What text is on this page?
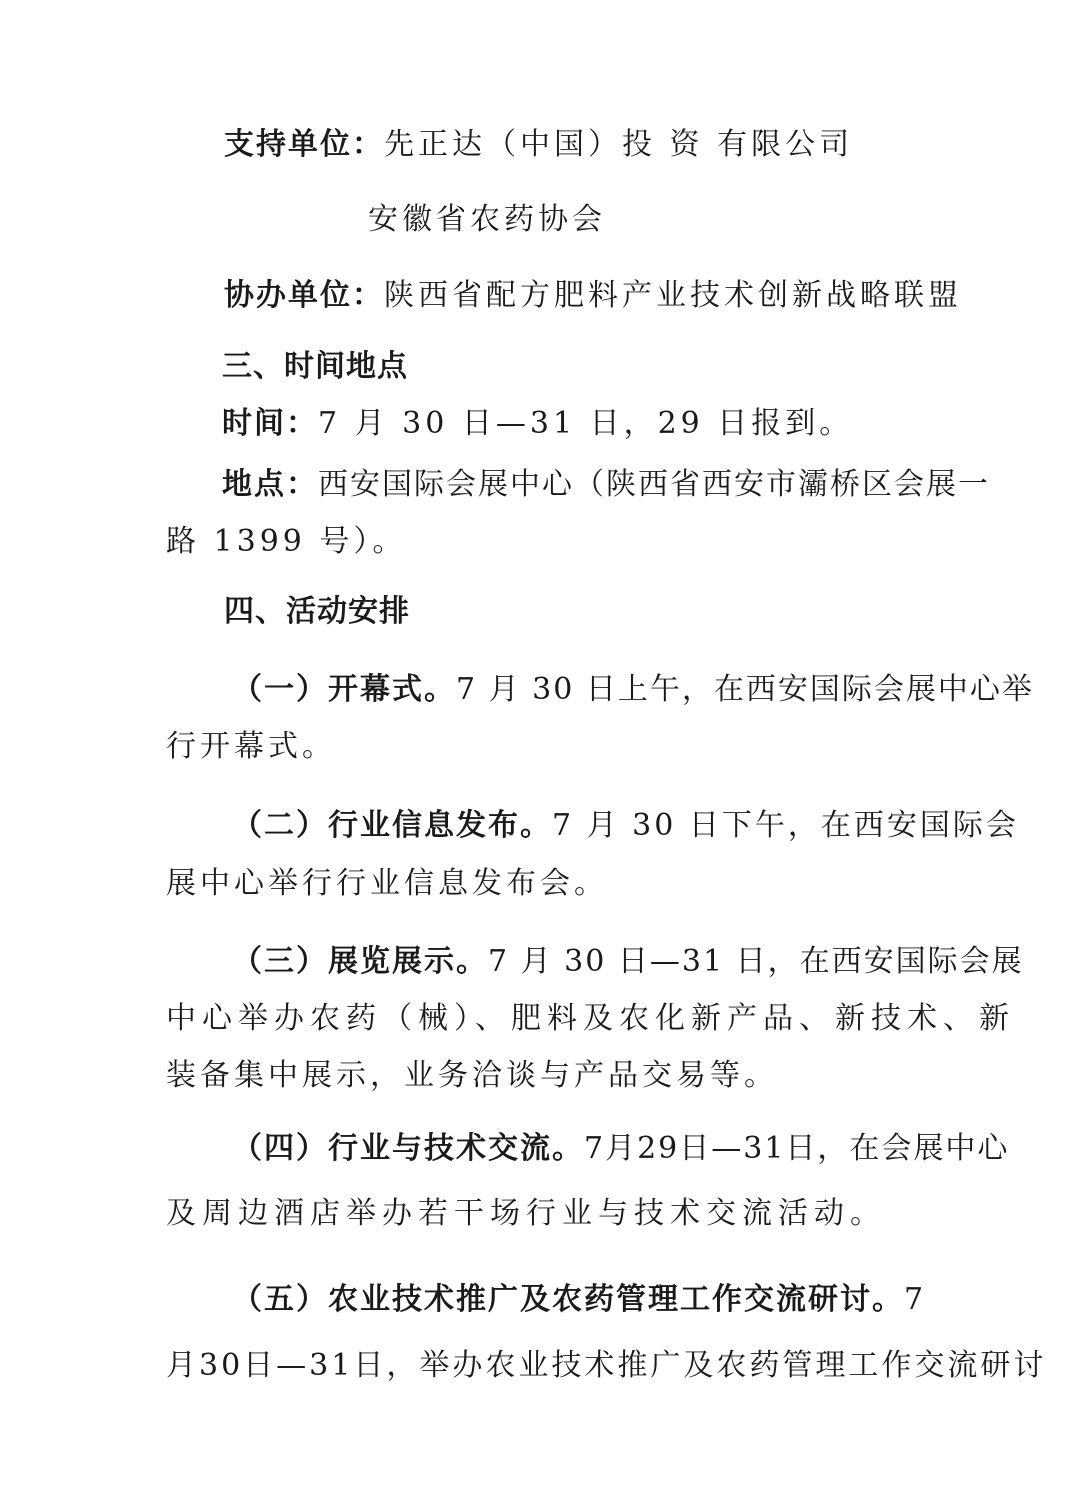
支持单位：先正达（中国）投 资 有限公司
安徽省农药协会
协办单位：陕西省配方肥料产业技术创新战略联盟
三、时间地点
时间：7 月 30 日—31 日，29 日报到。
地点：西安国际会展中心（陕西省西安市灞桥区会展一
路 1399 号）。
四、活动安排
（一）开幕式。7 月 30 日上午，在西安国际会展中心举
行开幕式。
（二）行业信息发布。7 月 30 日下午，在西安国际会
展中心举行行业信息发布会。
（三）展览展示。7 月 30 日—31 日，在西安国际会展
中心举办农药（械）、肥料及农化新产品、新技术、新
装备集中展示，业务洽谈与产品交易等。
（四）行业与技术交流。7月29日—31日，在会展中心
及周边酒店举办若干场行业与技术交流活动。
（五）农业技术推广及农药管理工作交流研讨。7
月30日—31日，举办农业技术推广及农药管理工作交流研讨
